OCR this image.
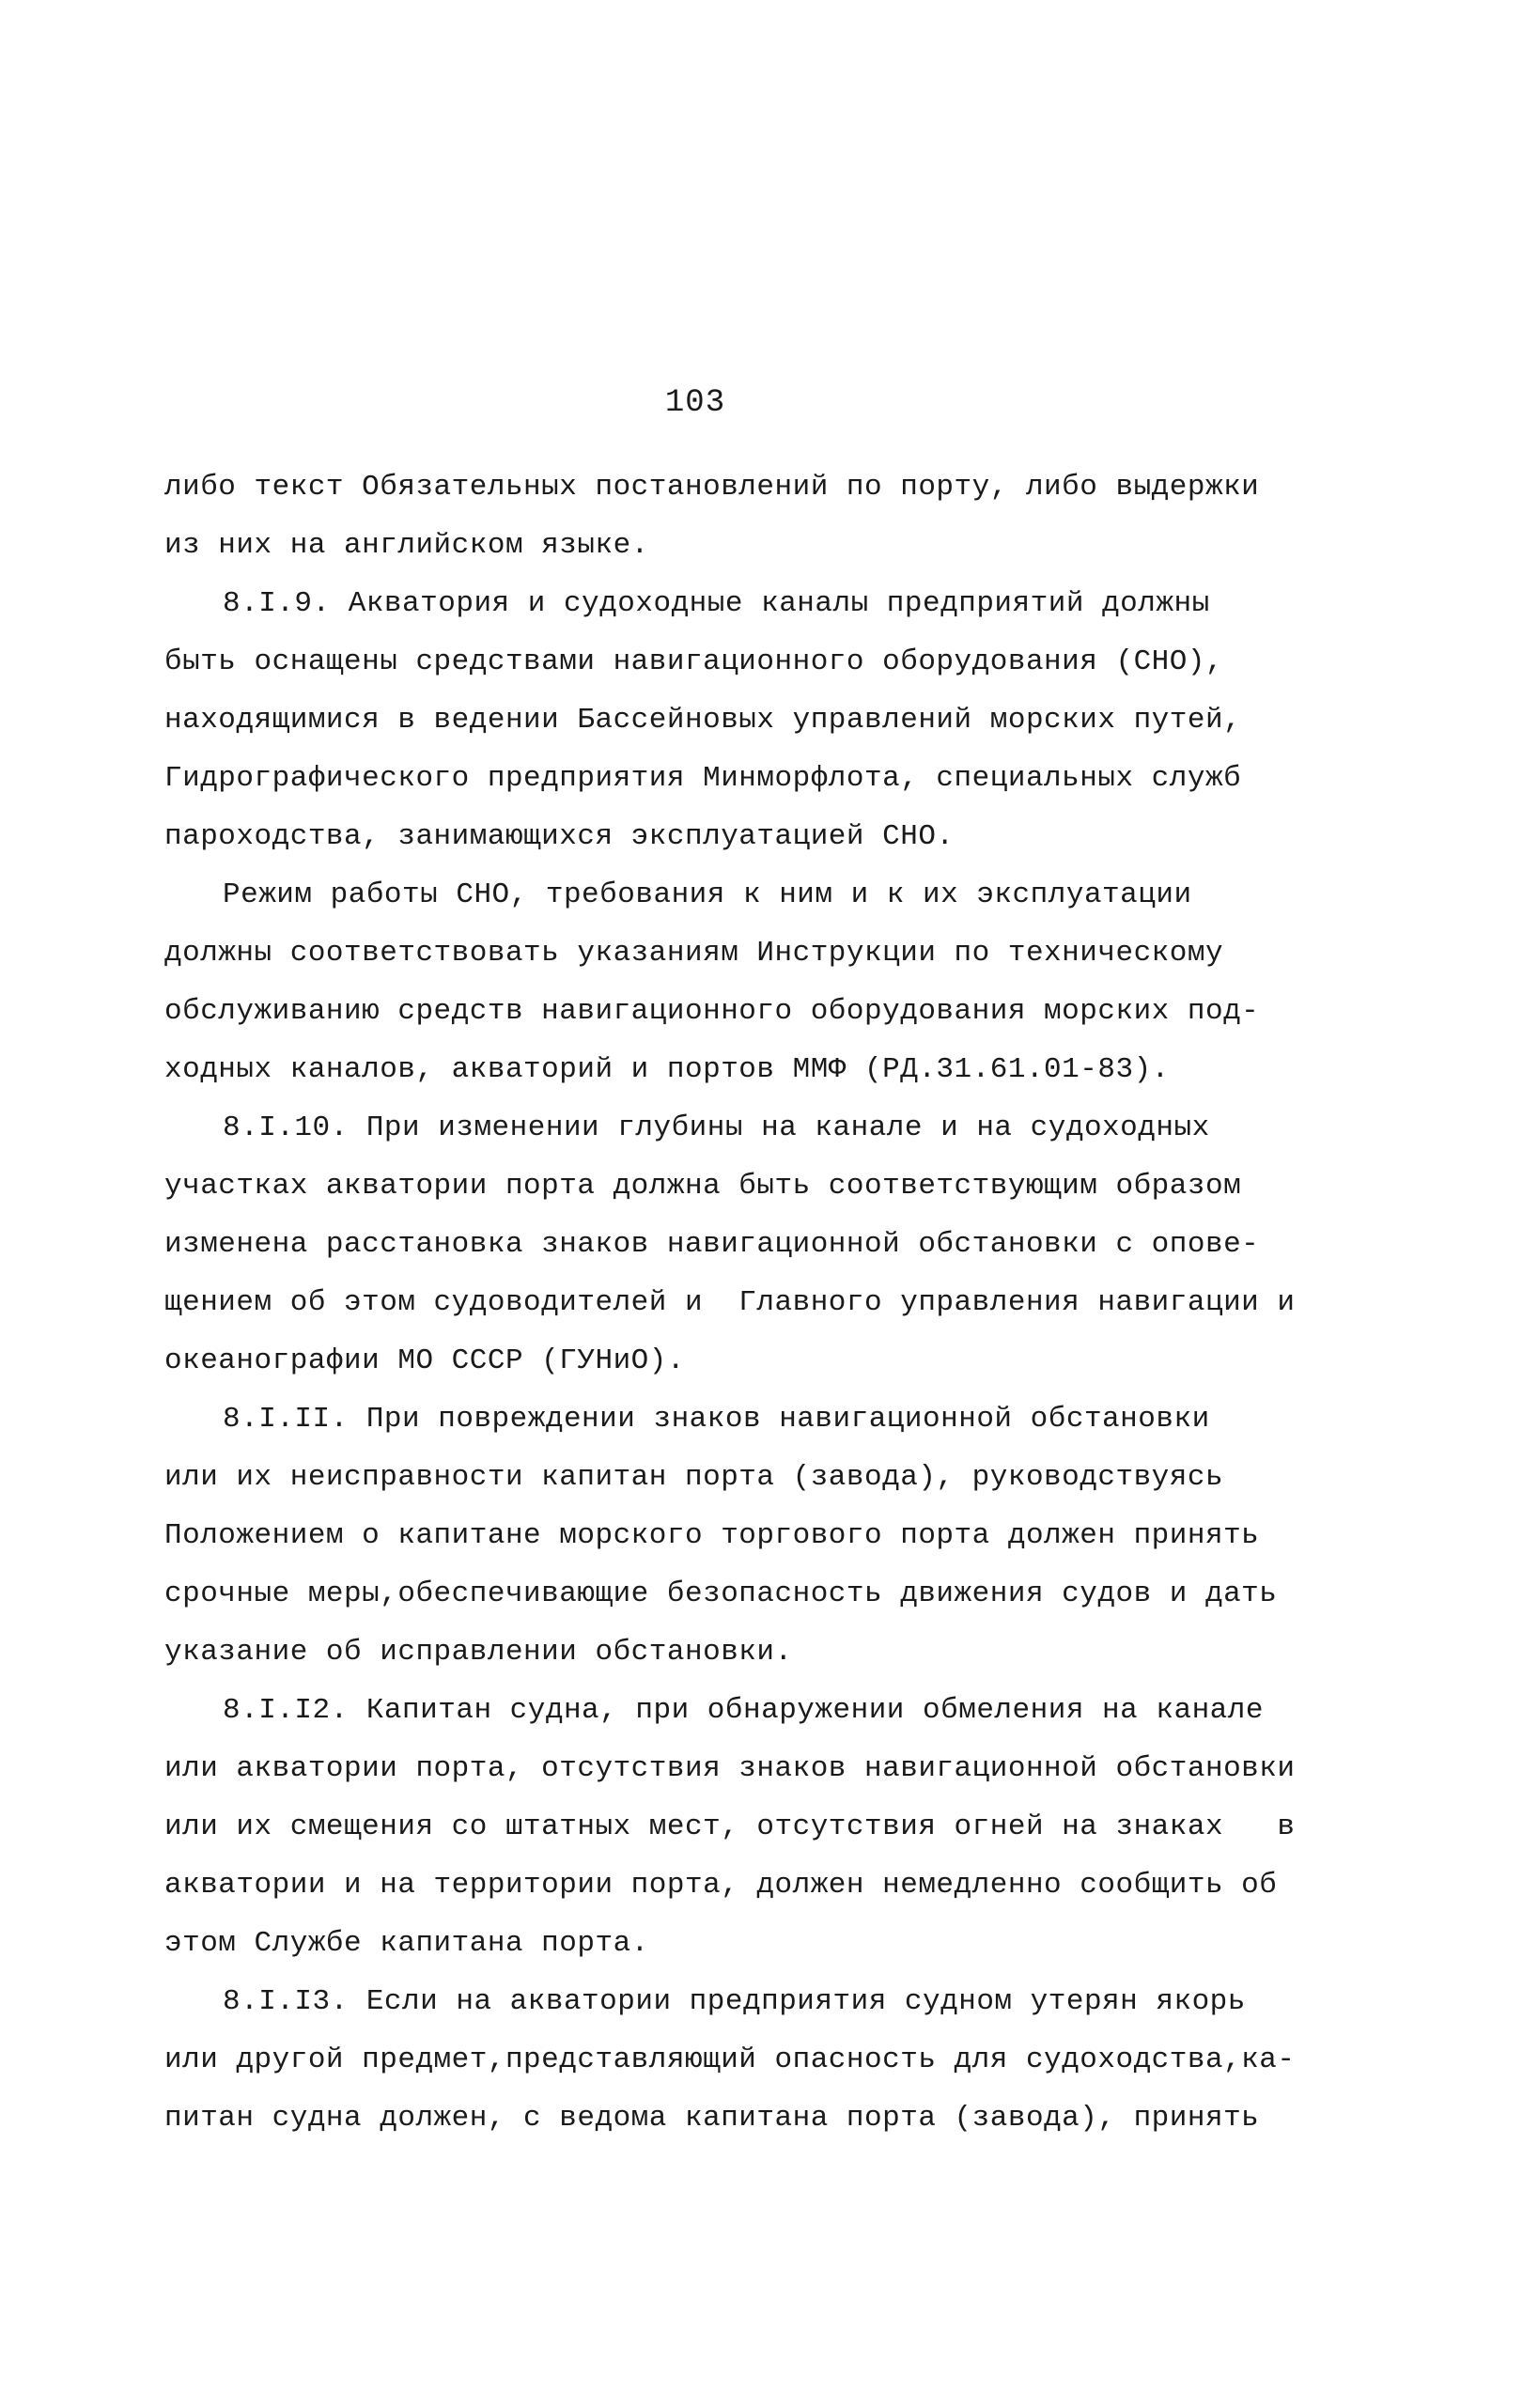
103
либо текст Обязательных постановлений по порту, либо выдержки
из них на английском языке.
8.I.9. Акватория и судоходные каналы предприятий должны
быть оснащены средствами навигационного оборудования (СНО),
находящимися в ведении Бассейновых управлений морских путей,
Гидрографического предприятия Минморфлота, специальных служб
пароходства, занимающихся эксплуатацией СНО.
Режим работы СНО, требования к ним и к их эксплуатации
должны соответствовать указаниям Инструкции по техническому
обслуживанию средств навигационного оборудования морских под-
ходных каналов, акваторий и портов ММФ (РД.31.61.01-83).
8.I.10. При изменении глубины на канале и на судоходных
участках акватории порта должна быть соответствующим образом
изменена расстановка знаков навигационной обстановки с опове-
щением об этом судоводителей и  Главного управления навигации и
океанографии МО СССР (ГУНиО).
8.I.II. При повреждении знаков навигационной обстановки
или их неисправности капитан порта (завода), руководствуясь
Положением о капитане морского торгового порта должен принять
срочные меры,обеспечивающие безопасность движения судов и дать
указание об исправлении обстановки.
8.I.I2. Капитан судна, при обнаружении обмеления на канале
или акватории порта, отсутствия знаков навигационной обстановки
или их смещения со штатных мест, отсутствия огней на знаках   в
акватории и на территории порта, должен немедленно сообщить об
этом Службе капитана порта.
8.I.I3. Если на акватории предприятия судном утерян якорь
или другой предмет,представляющий опасность для судоходства,ка-
питан судна должен, с ведома капитана порта (завода), принять
